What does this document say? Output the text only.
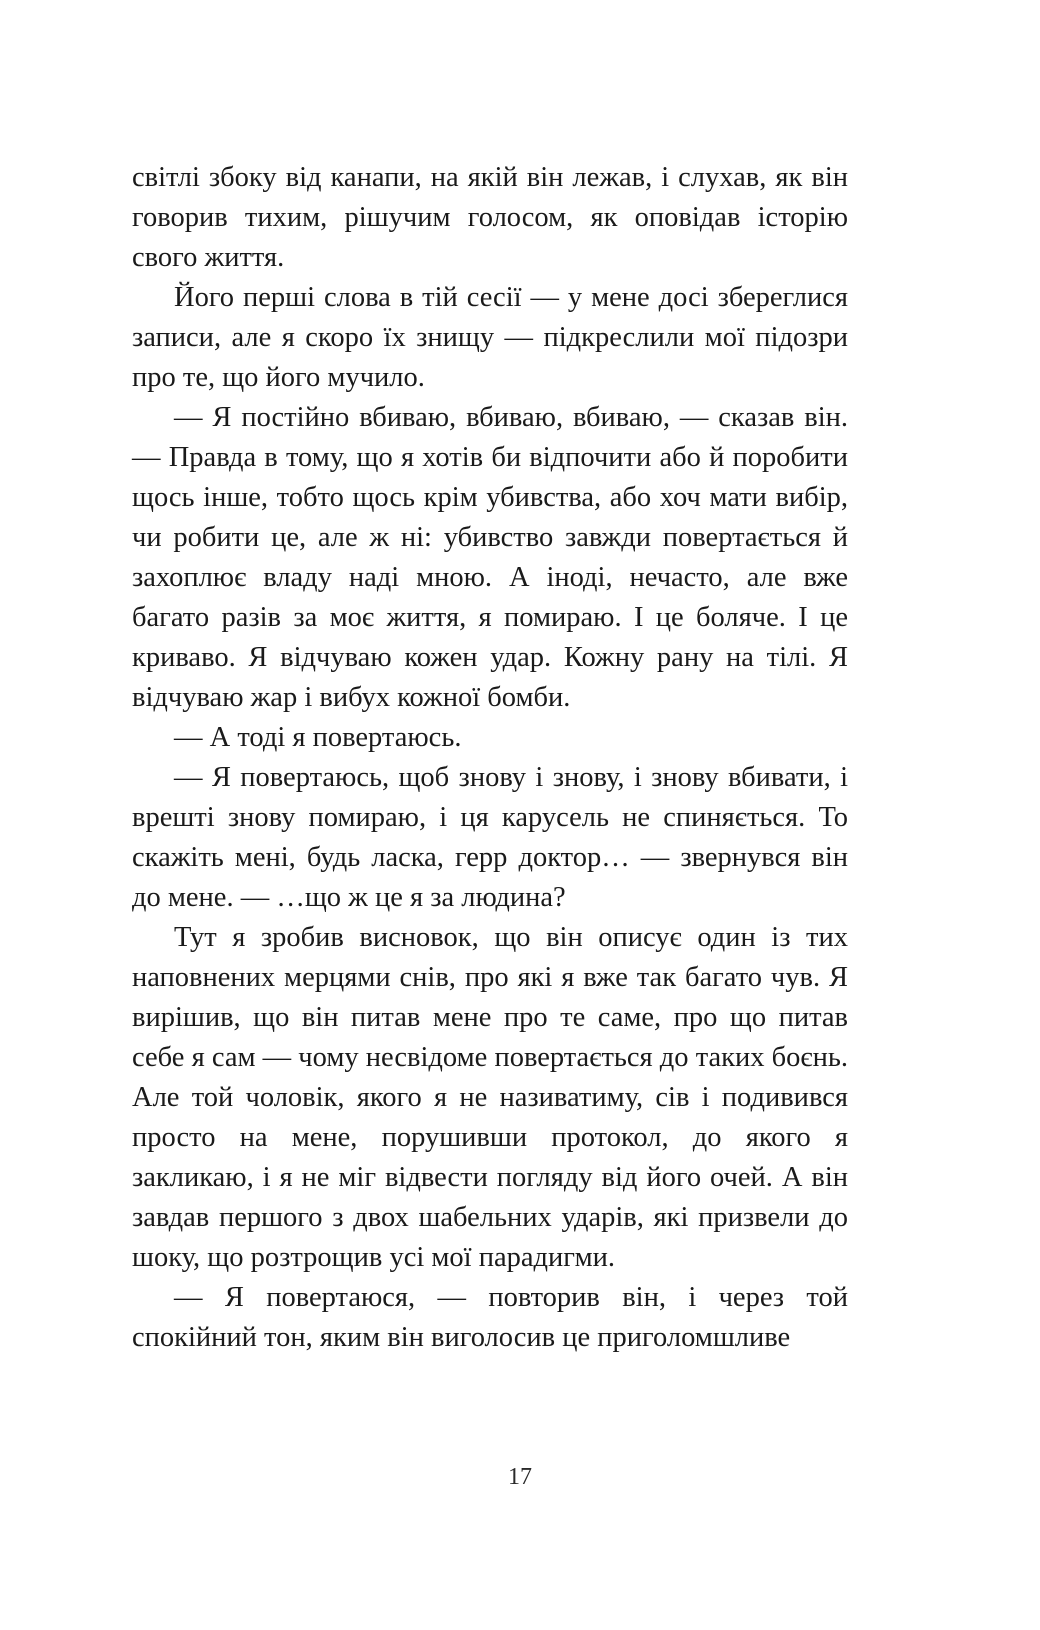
світлі збоку від канапи, на якій він лежав, і слухав, як він говорив тихим, рішучим голосом, як оповідав історію свого життя.

Його перші слова в тій сесії — у мене досі збереглися записи, але я скоро їх знищу — підкреслили мої підозри про те, що його мучило.

— Я постійно вбиваю, вбиваю, вбиваю, — сказав він. — Правда в тому, що я хотів би відпочити або й поробити щось інше, тобто щось крім убивства, або хоч мати вибір, чи робити це, але ж ні: убивство завжди повертається й захоплює владу наді мною. А іноді, нечасто, але вже багато разів за моє життя, я помираю. І це боляче. І це криваво. Я відчуваю кожен удар. Кожну рану на тілі. Я відчуваю жар і вибух кожної бомби.

— А тоді я повертаюсь.

— Я повертаюсь, щоб знову і знову, і знову вбивати, і врешті знову помираю, і ця карусель не спиняється. То скажіть мені, будь ласка, герр доктор… — звернувся він до мене. — …що ж це я за людина?

Тут я зробив висновок, що він описує один із тих наповнених мерцями снів, про які я вже так багато чув. Я вирішив, що він питав мене про те саме, про що питав себе я сам — чому несвідоме повертається до таких боєнь. Але той чоловік, якого я не називатиму, сів і подивився просто на мене, порушивши протокол, до якого я закликаю, і я не міг відвести погляду від його очей. А він завдав першого з двох шабельних ударів, які призвели до шоку, що розтрощив усі мої парадигми.

— Я повертаюся, — повторив він, і через той спокійний тон, яким він виголосив це приголомшливе

17
